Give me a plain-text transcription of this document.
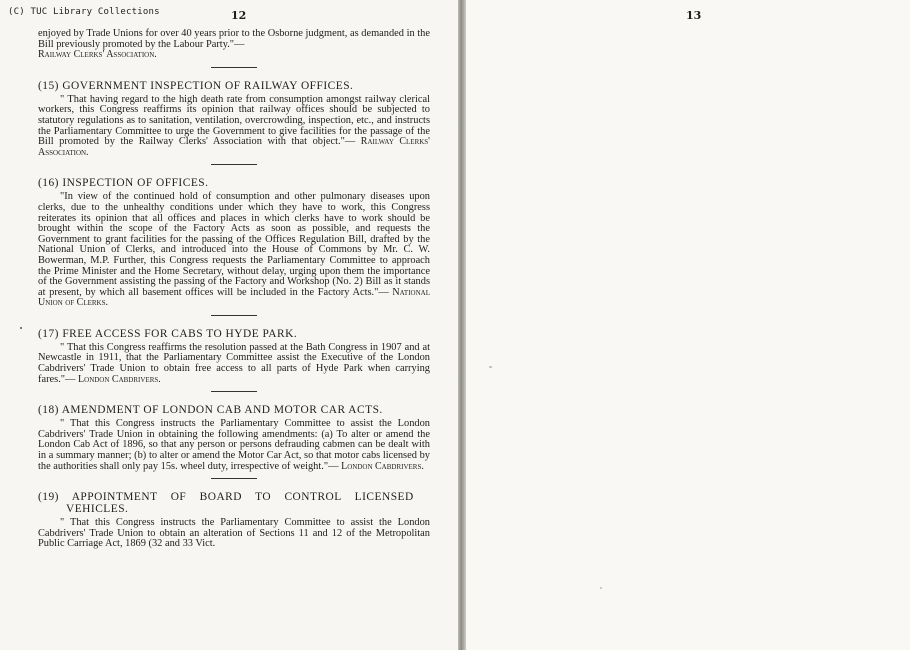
(C) TUC Library Collections	12	13

enjoyed by Trade Unions for over 40 years prior to the Osborne judgment, as demanded in the Bill previously promoted by the Labour Party."—
Railway Clerks' Association.

(15) GOVERNMENT INSPECTION OF RAILWAY OFFICES.

" That having regard to the high death rate from consumption amongst railway clerical workers, this Congress reaffirms its opinion that railway offices should be subjected to statutory regulations as to sanitation, ventilation, overcrowding, inspection, etc., and instructs the Parliamentary Committee to urge the Government to give facilities for the passage of the Bill promoted by the Railway Clerks' Association with that object."— Railway Clerks' Association.

(16) INSPECTION OF OFFICES.

"In view of the continued hold of consumption and other pulmonary diseases upon clerks, due to the unhealthy conditions under which they have to work, this Congress reiterates its opinion that all offices and places in which clerks have to work should be brought within the scope of the Factory Acts as soon as possible, and requests the Government to grant facilities for the passing of the Offices Regulation Bill, drafted by the National Union of Clerks, and introduced into the House of Commons by Mr. C. W. Bowerman, M.P. Further, this Congress requests the Parliamentary Committee to approach the Prime Minister and the Home Secretary, without delay, urging upon them the importance of the Government assisting the passing of the Factory and Workshop (No. 2) Bill as it stands at present, by which all basement offices will be included in the Factory Acts."— National Union of Clerks.

(17) FREE ACCESS FOR CABS TO HYDE PARK.

" That this Congress reaffirms the resolution passed at the Bath Congress in 1907 and at Newcastle in 1911, that the Parliamentary Committee assist the Executive of the London Cabdrivers' Trade Union to obtain free access to all parts of Hyde Park when carrying fares."— London Cabdrivers.

(18) AMENDMENT OF LONDON CAB AND MOTOR CAR ACTS.

" That this Congress instructs the Parliamentary Committee to assist the London Cabdrivers' Trade Union in obtaining the following amendments: (a) To alter or amend the London Cab Act of 1896, so that any person or persons defrauding cabmen can be dealt with in a summary manner; (b) to alter or amend the Motor Car Act, so that motor cabs licensed by the authorities shall only pay 15s. wheel duty, irrespective of weight."— London Cabdrivers.

(19) APPOINTMENT OF BOARD TO CONTROL LICENSED
VEHICLES.

" That this Congress instructs the Parliamentary Committee to assist the London Cabdrivers' Trade Union to obtain an alteration of Sections 11 and 12 of the Metropolitan Public Carriage Act, 1869 (32 and 33 Vict.
